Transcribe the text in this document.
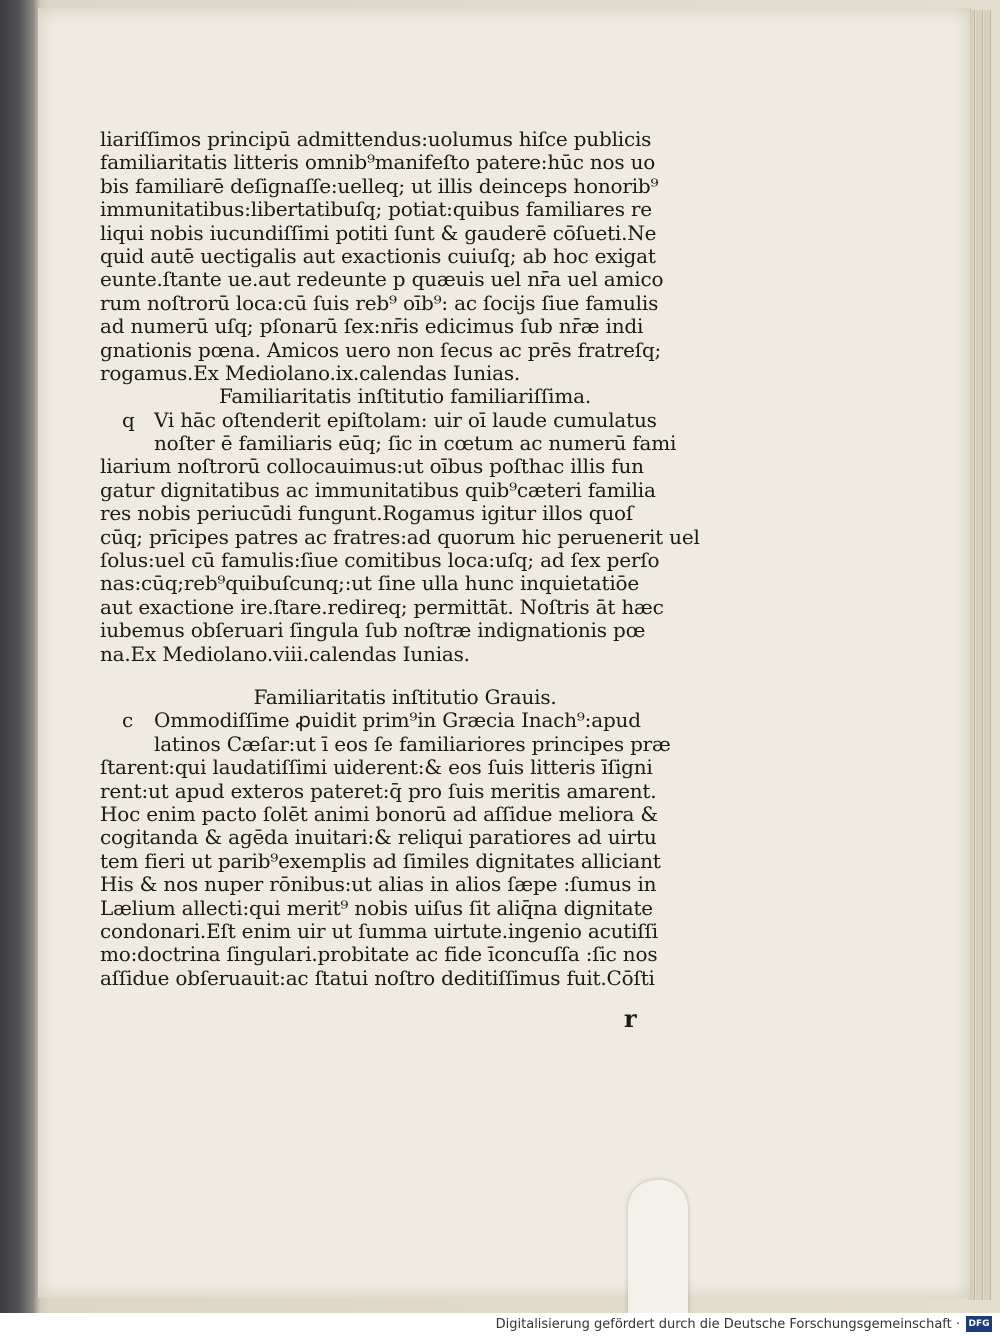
liariſſimos principū admittendus:uolumus hiſce publicis
familiaritatis litteris omnib⁹manifeſto patere:hūc nos uo
bis familiarē deſignaſſe:uelleq; ut illis deinceps honorib⁹
immunitatibus:libertatibuſq; potiat:quibus familiares re
liqui nobis iucundiſſimi potiti ſunt & gauderē cōſueti.Ne
quid autē uectigalis aut exactionis cuiuſq; ab hoc exigat
eunte.ſtante ue.aut redeunte p quæuis uel nr̄a uel amico
rum noſtrorū loca:cū ſuis reb⁹ oīb⁹: ac ſocijs ſiue famulis
ad numerū uſq; pſonarū ſex:nr̄is edicimus ſub nr̄æ indi
gnationis pœna. Amicos uero non ſecus ac prēs fratreſq;
rogamus.Ex Mediolano.ix.calendas Iunias.
Familiaritatis inſtitutio familiariſſima.
q Vi hāc oſtenderit epiſtolam: uir oī laude cumulatus
noſter ē familiaris eūq; ſic in cœtum ac numerū fami
liarium noſtrorū collocauimus:ut oībus poſthac illis fun
gatur dignitatibus ac immunitatibus quib⁹cæteri familia
res nobis periucūdi fungunt.Rogamus igitur illos quoſ
cūq; prīcipes patres ac fratres:ad quorum hic peruenerit uel
ſolus:uel cū famulis:ſiue comitibus loca:uſq; ad ſex perſo
nas:cūq;reb⁹quibuſcunq;:ut ſine ulla hunc inquietatiōe
aut exactione ire.ſtare.redireq; permittāt. Noſtris āt hæc
iubemus obſeruari ſingula ſub noſtræ indignationis pœ
na.Ex Mediolano.viii.calendas Iunias.
Familiaritatis inſtitutio Grauis.
c Ommodiſſime ꝓuidit prim⁹in Græcia Inach⁹:apud
latinos Cæſar:ut ī eos ſe familiariores principes præ
ſtarent:qui laudatiſſimi uiderent:& eos ſuis litteris īſigni
rent:ut apud exteros pateret:q̄ pro ſuis meritis amarent.
Hoc enim pacto ſolēt animi bonorū ad aſſidue meliora &
cogitanda & agēda inuitari:& reliqui paratiores ad uirtu
tem fieri ut parib⁹exemplis ad ſimiles dignitates alliciant
His & nos nuper rōnibus:ut alias in alios ſæpe :ſumus in
Lælium allecti:qui merit⁹ nobis uiſus ſit aliq̄na dignitate
condonari.Eſt enim uir ut ſumma uirtute.ingenio acutiſſi
mo:doctrina ſingulari.probitate ac fide īconcuſſa :ſic nos
aſſidue obſeruauit:ac ſtatui noſtro deditiſſimus fuit.Cōſti
r
Digitalisierung gefördert durch die Deutsche Forschungsgemeinschaft · DFG
